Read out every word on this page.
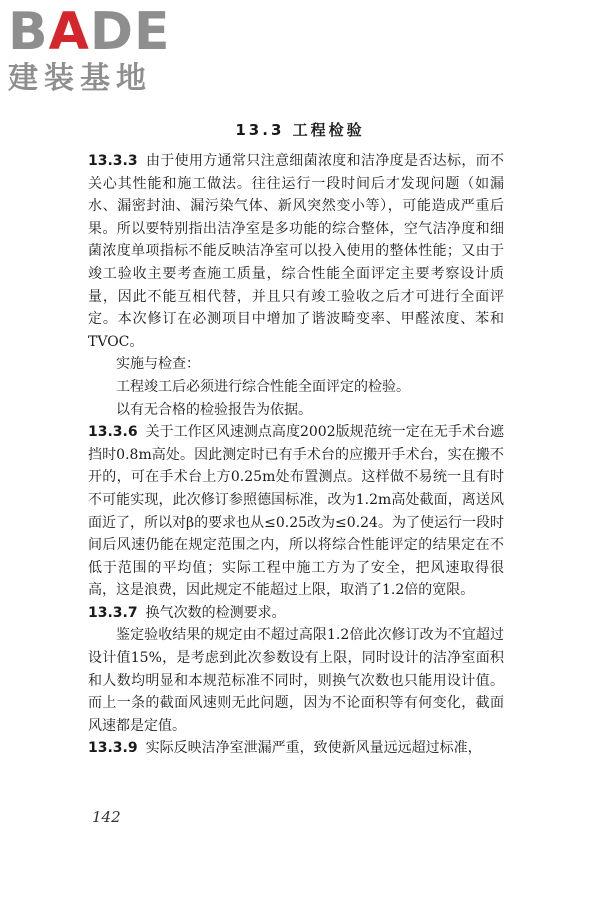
BADE
建装基地
13.3 工程检验

13.3.3 由于使用方通常只注意细菌浓度和洁净度是否达标，而不关心其性能和施工做法。往往运行一段时间后才发现问题（如漏水、漏密封油、漏污染气体、新风突然变小等），可能造成严重后果。所以要特别指出洁净室是多功能的综合整体，空气洁净度和细菌浓度单项指标不能反映洁净室可以投入使用的整体性能；又由于竣工验收主要考查施工质量，综合性能全面评定主要考察设计质量，因此不能互相代替，并且只有竣工验收之后才可进行全面评定。本次修订在必测项目中增加了谐波畸变率、甲醛浓度、苯和TVOC。

实施与检查：

工程竣工后必须进行综合性能全面评定的检验。

以有无合格的检验报告为依据。

13.3.6 关于工作区风速测点高度2002版规范统一定在无手术台遮挡时0.8m高处。因此测定时已有手术台的应搬开手术台，实在搬不开的，可在手术台上方0.25m处布置测点。这样做不易统一且有时不可能实现，此次修订参照德国标准，改为1.2m高处截面，离送风面近了，所以对β的要求也从≤0.25改为≤0.24。为了使运行一段时间后风速仍能在规定范围之内，所以将综合性能评定的结果定在不低于范围的平均值；实际工程中施工方为了安全，把风速取得很高，这是浪费，因此规定不能超过上限，取消了1.2倍的宽限。

13.3.7 换气次数的检测要求。

鉴定验收结果的规定由不超过高限1.2倍此次修订改为不宜超过设计值15%，是考虑到此次参数设有上限，同时设计的洁净室面积和人数均明显和本规范标准不同时，则换气次数也只能用设计值。而上一条的截面风速则无此问题，因为不论面积等有何变化，截面风速都是定值。

13.3.9 实际反映洁净室泄漏严重，致使新风量远远超过标准，

142
